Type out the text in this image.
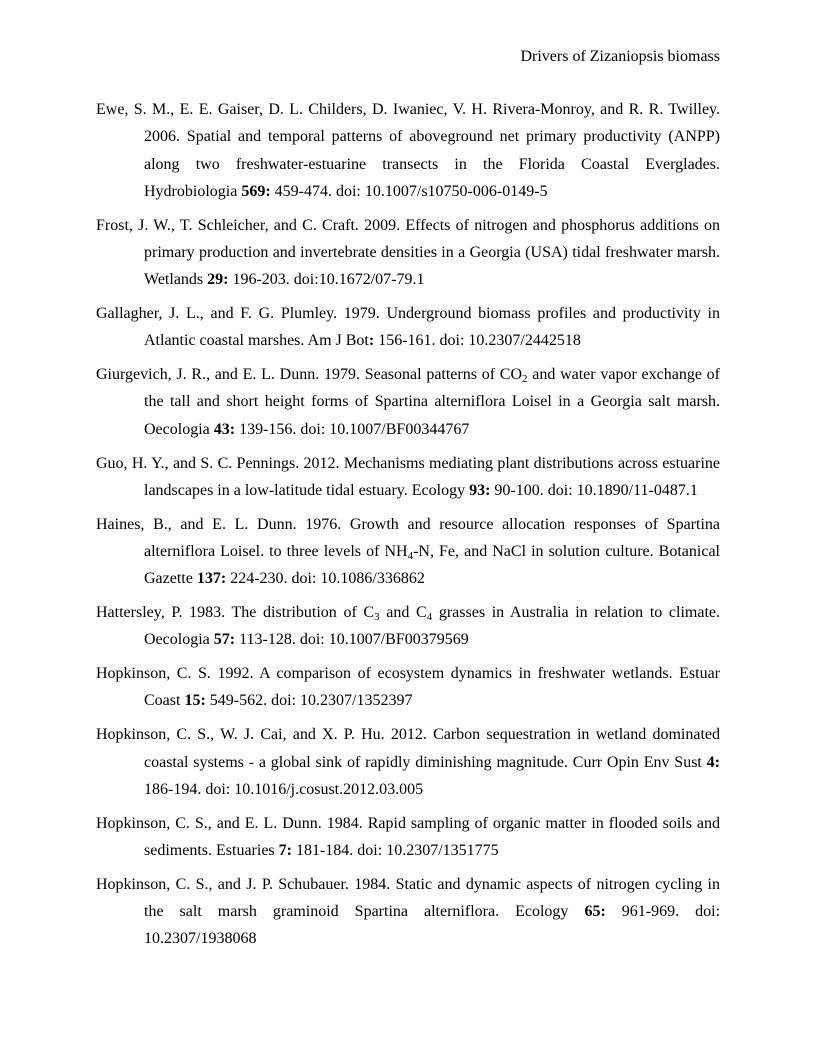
Drivers of Zizaniopsis biomass

Ewe, S. M., E. E. Gaiser, D. L. Childers, D. Iwaniec, V. H. Rivera-Monroy, and R. R. Twilley. 2006. Spatial and temporal patterns of aboveground net primary productivity (ANPP) along two freshwater-estuarine transects in the Florida Coastal Everglades. Hydrobiologia 569: 459-474. doi: 10.1007/s10750-006-0149-5

Frost, J. W., T. Schleicher, and C. Craft. 2009. Effects of nitrogen and phosphorus additions on primary production and invertebrate densities in a Georgia (USA) tidal freshwater marsh. Wetlands 29: 196-203. doi:10.1672/07-79.1

Gallagher, J. L., and F. G. Plumley. 1979. Underground biomass profiles and productivity in Atlantic coastal marshes. Am J Bot: 156-161. doi: 10.2307/2442518

Giurgevich, J. R., and E. L. Dunn. 1979. Seasonal patterns of $CO_2$ and water vapor exchange of the tall and short height forms of Spartina alterniflora Loisel in a Georgia salt marsh. Oecologia 43: 139-156. doi: 10.1007/BF00344767

Guo, H. Y., and S. C. Pennings. 2012. Mechanisms mediating plant distributions across estuarine landscapes in a low-latitude tidal estuary. Ecology 93: 90-100. doi: 10.1890/11-0487.1

Haines, B., and E. L. Dunn. 1976. Growth and resource allocation responses of Spartina alterniflora Loisel. to three levels of $NH_4-N$, Fe, and NaCl in solution culture. Botanical Gazette 137: 224-230. doi: 10.1086/336862

Hattersley, P. 1983. The distribution of $C_3$ and $C_4$ grasses in Australia in relation to climate. Oecologia 57: 113-128. doi: 10.1007/BF00379569

Hopkinson, C. S. 1992. A comparison of ecosystem dynamics in freshwater wetlands. Estuar Coast 15: 549-562. doi: 10.2307/1352397

Hopkinson, C. S., W. J. Cai, and X. P. Hu. 2012. Carbon sequestration in wetland dominated coastal systems - a global sink of rapidly diminishing magnitude. Curr Opin Env Sust 4: 186-194. doi: 10.1016/j.cosust.2012.03.005

Hopkinson, C. S., and E. L. Dunn. 1984. Rapid sampling of organic matter in flooded soils and sediments. Estuaries 7: 181-184. doi: 10.2307/1351775

Hopkinson, C. S., and J. P. Schubauer. 1984. Static and dynamic aspects of nitrogen cycling in the salt marsh graminoid Spartina alterniflora. Ecology 65: 961-969. doi: 10.2307/1938068
